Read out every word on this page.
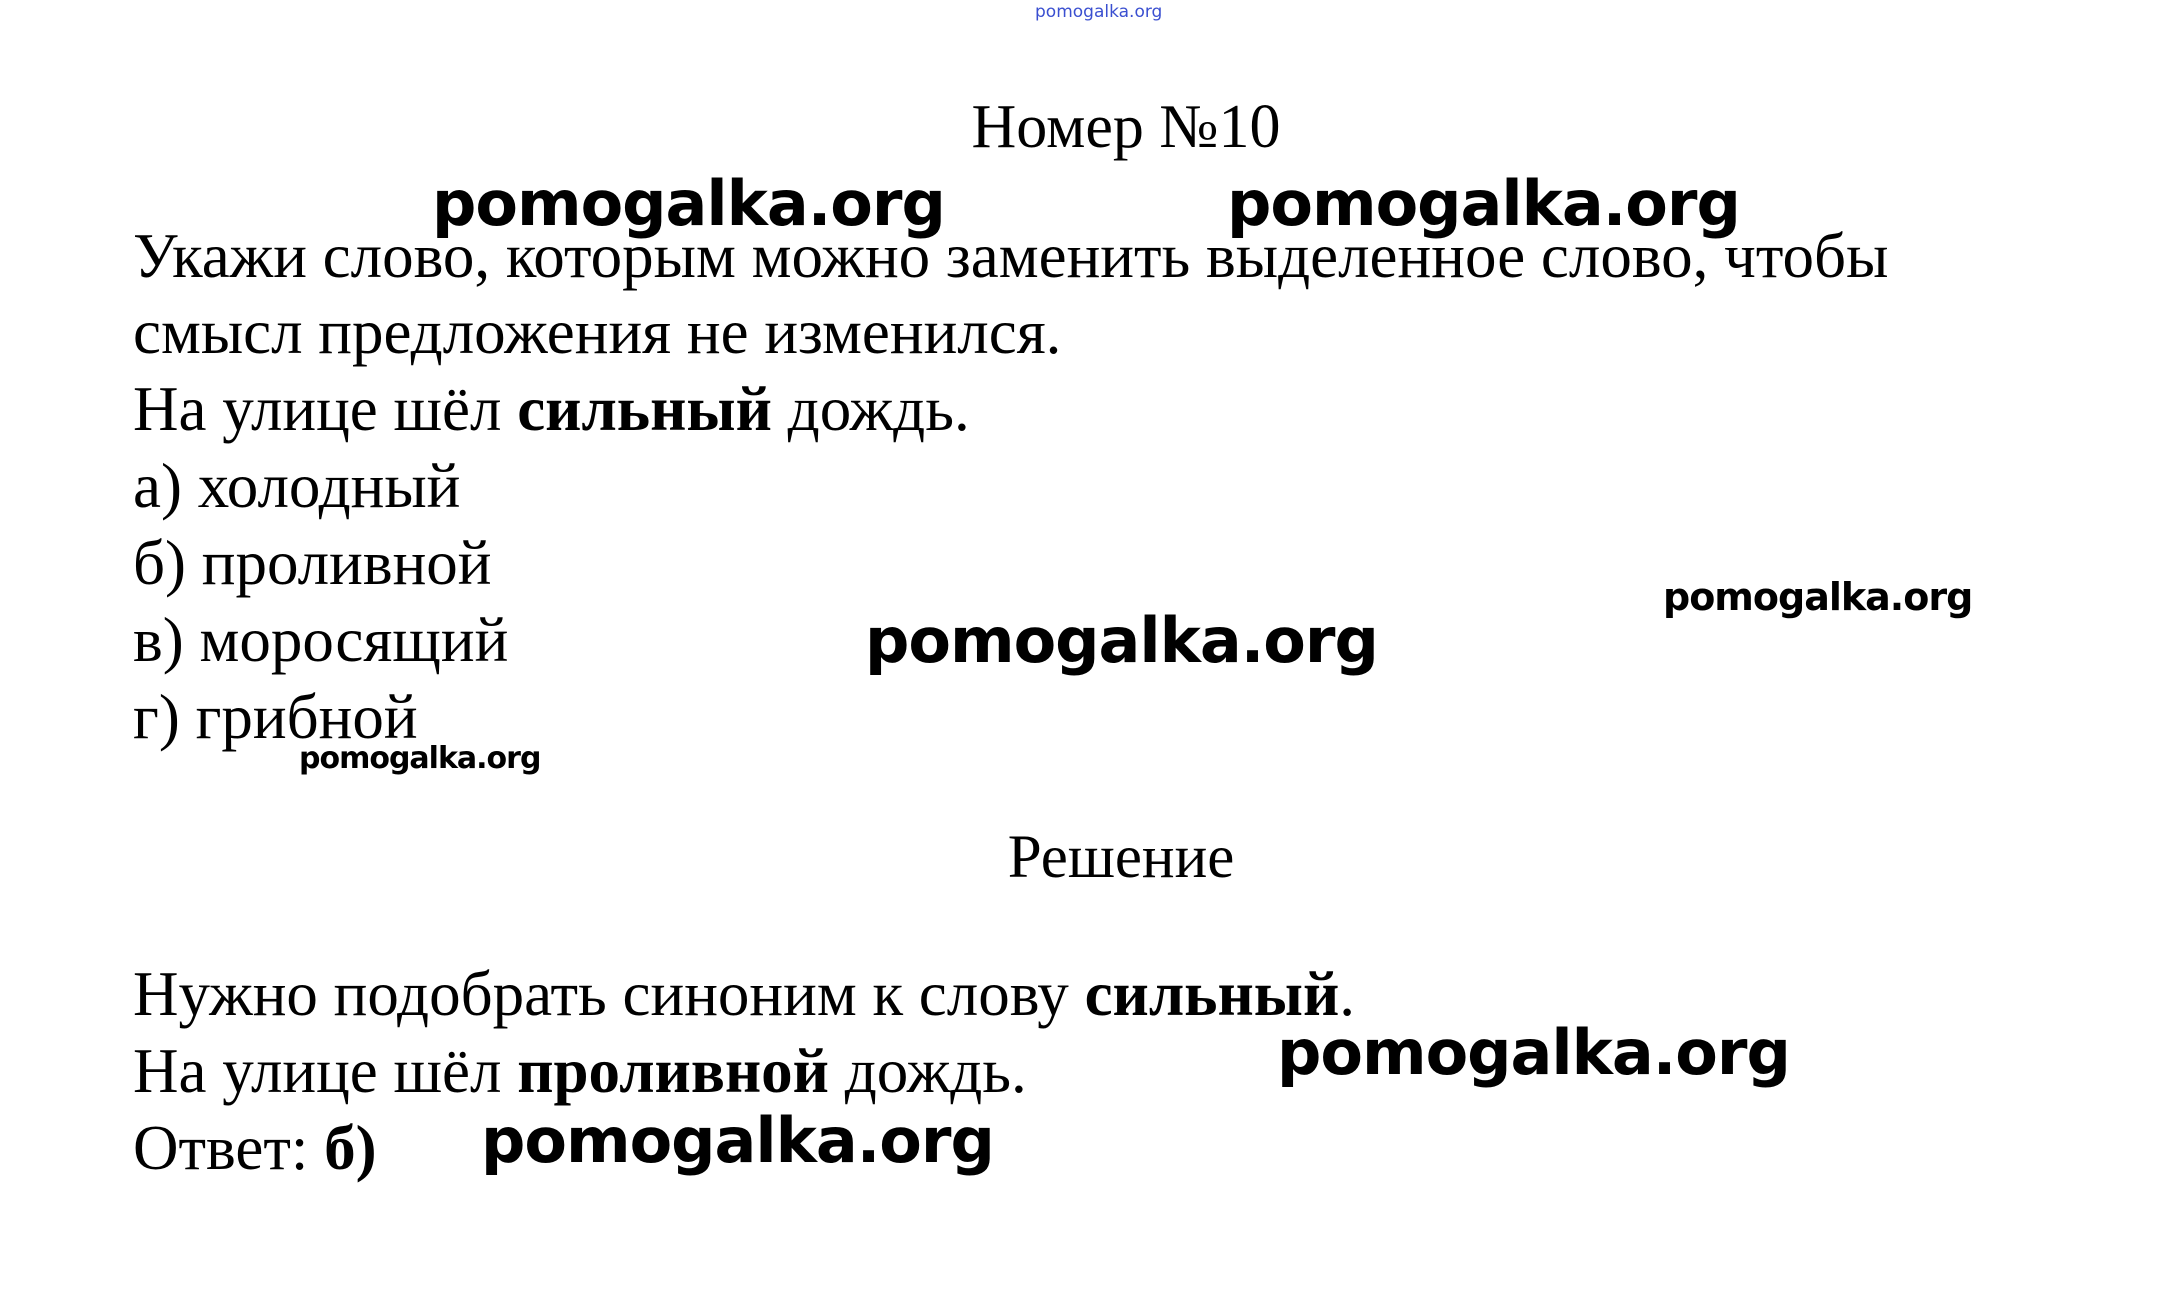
pomogalka.org
Номер №10
Укажи слово, которым можно заменить выделенное слово, чтобы
смысл предложения не изменился.
На улице шёл сильный дождь.
а) холодный
б) проливной
в) моросящий
г) грибной
Решение
Нужно подобрать синоним к слову сильный.
На улице шёл проливной дождь.
Ответ: б)
pomogalka.org	pomogalka.org
pomogalka.org
pomogalka.org
pomogalka.org
pomogalka.org
pomogalka.org
